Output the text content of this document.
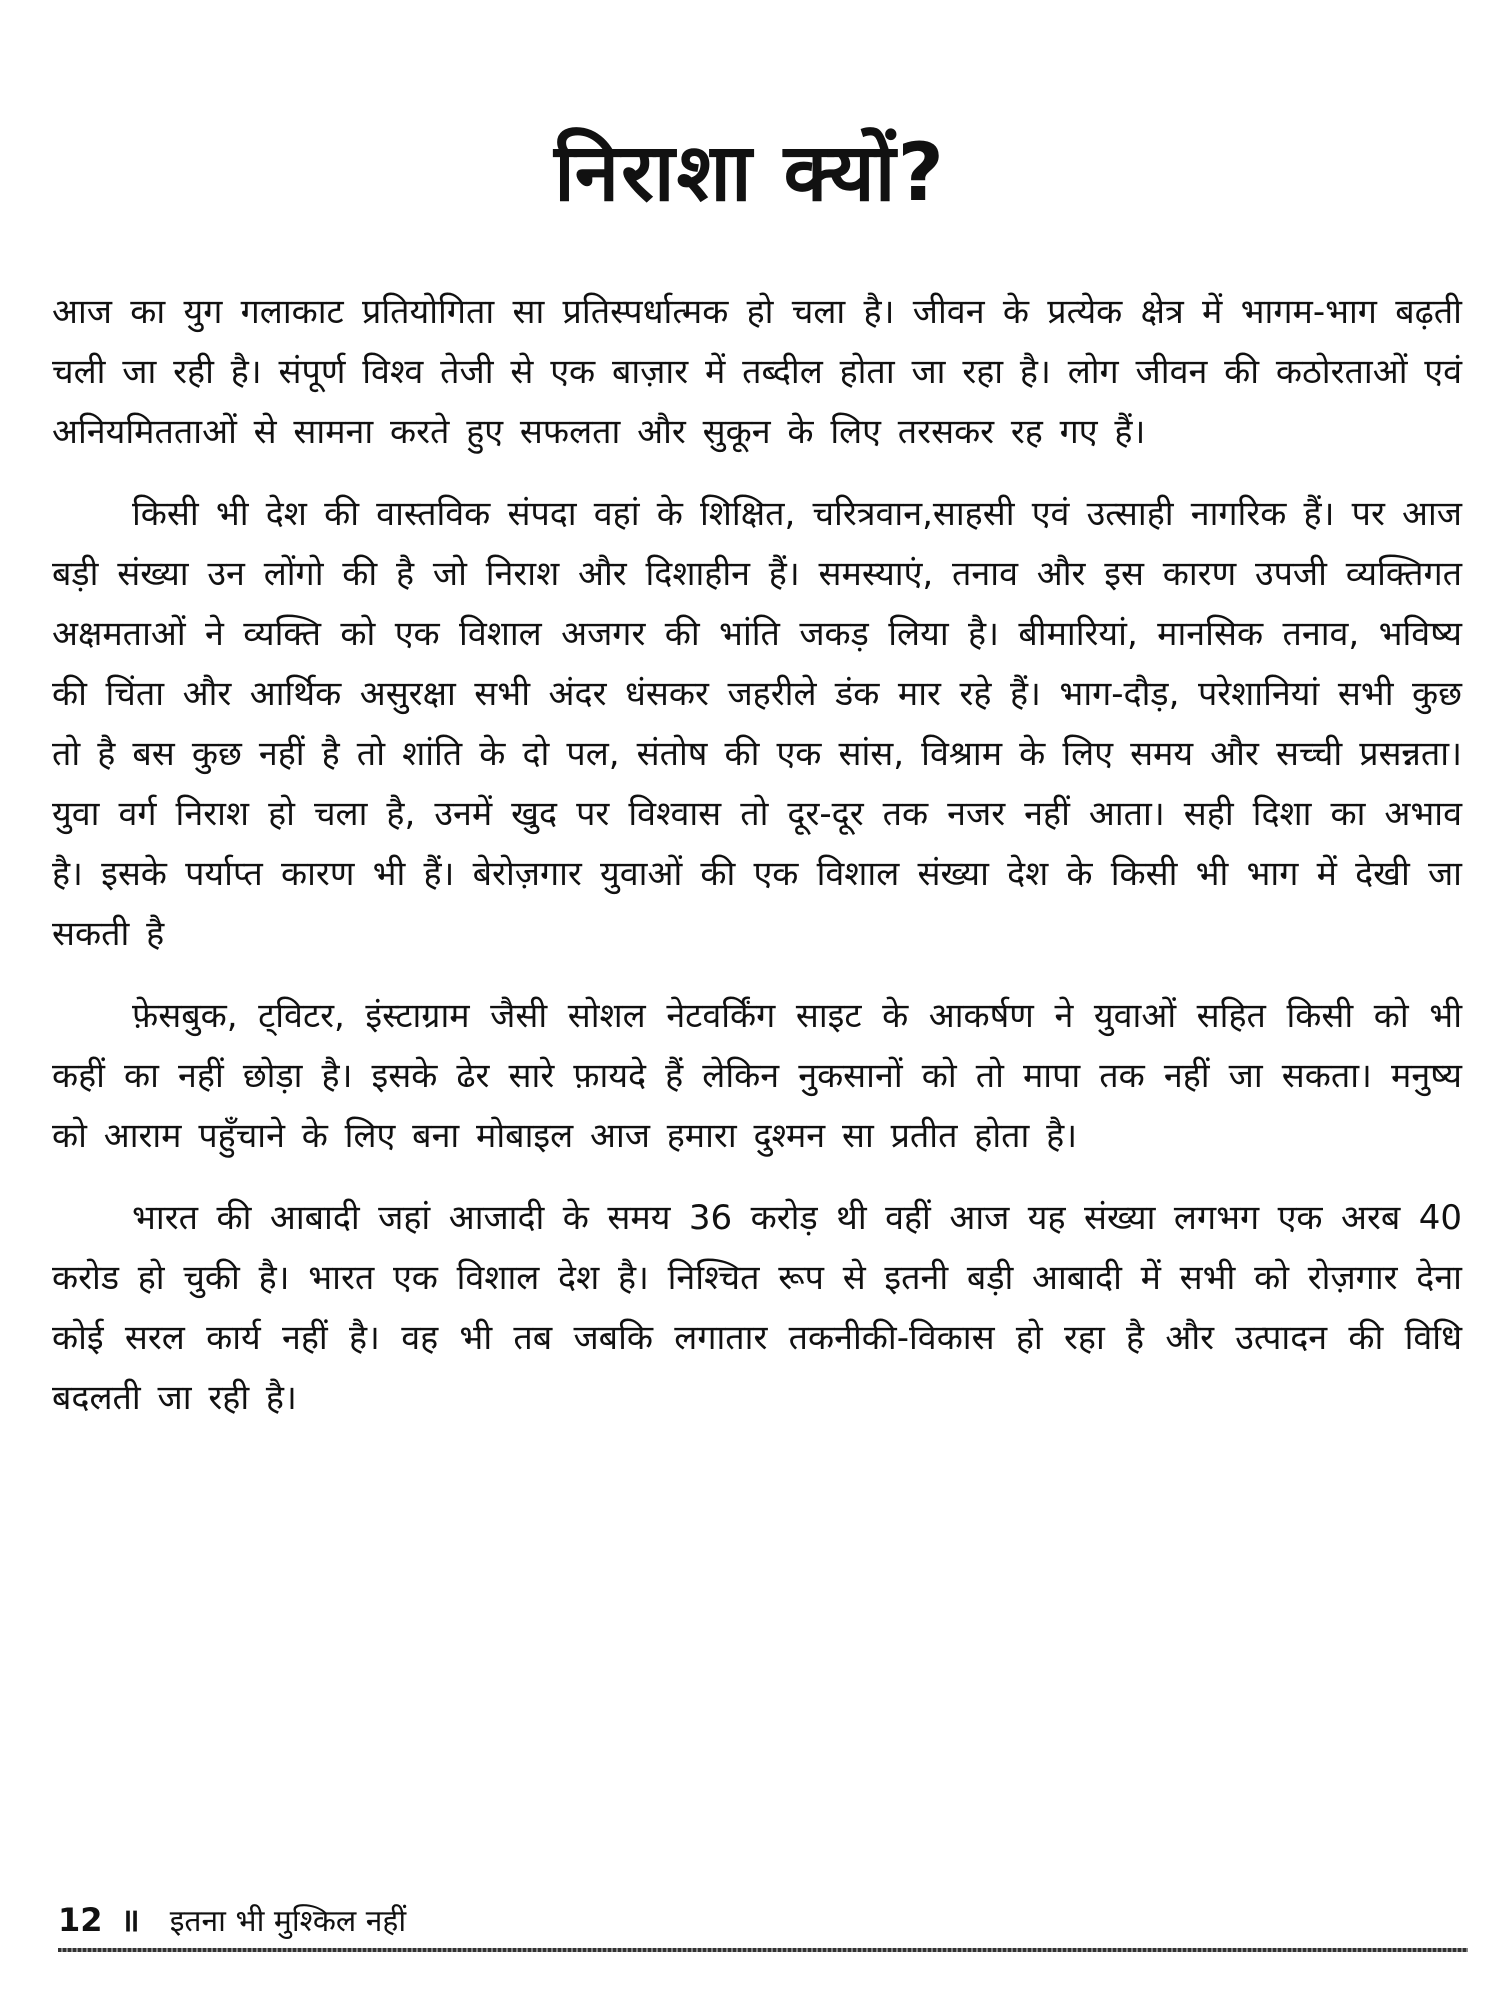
निराशा क्यों?

आज का युग गलाकाट प्रतियोगिता सा प्रतिस्पर्धात्मक हो चला है। जीवन के प्रत्येक क्षेत्र में भागम-भाग बढ़ती चली जा रही है। संपूर्ण विश्व तेजी से एक बाज़ार में तब्दील होता जा रहा है। लोग जीवन की कठोरताओं एवं अनियमितताओं से सामना करते हुए सफलता और सुकून के लिए तरसकर रह गए हैं।

किसी भी देश की वास्तविक संपदा वहां के शिक्षित, चरित्रवान,साहसी एवं उत्साही नागरिक हैं। पर आज बड़ी संख्या उन लोंगो की है जो निराश और दिशाहीन हैं। समस्याएं, तनाव और इस कारण उपजी व्यक्तिगत अक्षमताओं ने व्यक्ति को एक विशाल अजगर की भांति जकड़ लिया है। बीमारियां, मानसिक तनाव, भविष्य की चिंता और आर्थिक असुरक्षा सभी अंदर धंसकर जहरीले डंक मार रहे हैं। भाग-दौड़, परेशानियां सभी कुछ तो है बस कुछ नहीं है तो शांति के दो पल, संतोष की एक सांस, विश्राम के लिए समय और सच्ची प्रसन्नता। युवा वर्ग निराश हो चला है, उनमें खुद पर विश्वास तो दूर-दूर तक नजर नहीं आता। सही दिशा का अभाव है। इसके पर्याप्त कारण भी हैं। बेरोज़गार युवाओं की एक विशाल संख्या देश के किसी भी भाग में देखी जा सकती है

फ़ेसबुक, ट्विटर, इंस्टाग्राम जैसी सोशल नेटवर्किंग साइट के आकर्षण ने युवाओं सहित किसी को भी कहीं का नहीं छोड़ा है। इसके ढेर सारे फ़ायदे हैं लेकिन नुकसानों को तो मापा तक नहीं जा सकता। मनुष्य को आराम पहुँचाने के लिए बना मोबाइल आज हमारा दुश्मन सा प्रतीत होता है।

भारत की आबादी जहां आजादी के समय 36 करोड़ थी वहीं आज यह संख्या लगभग एक अरब 40 करोड हो चुकी है। भारत एक विशाल देश है। निश्चित रूप से इतनी बड़ी आबादी में सभी को रोज़गार देना कोई सरल कार्य नहीं है। वह भी तब जबकि लगातार तकनीकी-विकास हो रहा है और उत्पादन की विधि बदलती जा रही है।

12 ॥ इतना भी मुश्किल नहीं
